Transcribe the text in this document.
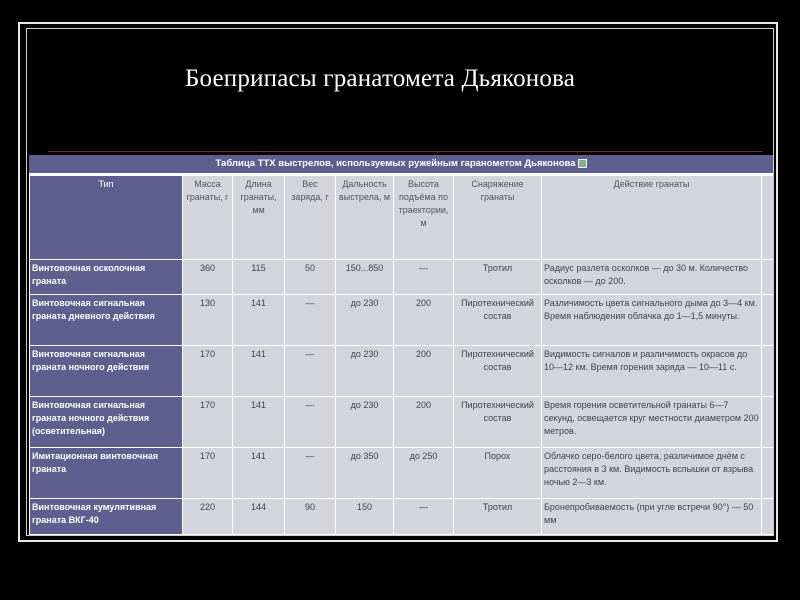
Боеприпасы гранатомета Дьяконова
Таблица ТТХ выстрелов, используемых ружейным гаранометом Дьяконова
Тип	Масса гранаты, г	Длина гранаты, мм	Вес заряда, г	Дальность выстрела, м	Высота подъёма по траектории, м	Снаряжение гранаты	Действие гранаты	
Винтовочная осколочная граната	360	115	50	150...850	—	Тротил	Радиус разлета осколков — до 30 м. Количество осколков — до 200.	
Винтовочная сигнальная граната дневного действия	130	141	—	до 230	200	Пиротехнический состав	Различимость цвета сигнального дыма до 3—4 км. Время наблюдения облачка до 1—1,5 минуты.	
Винтовочная сигнальная граната ночного действия	170	141	—	до 230	200	Пиротехнический состав	Видимость сигналов и различимость окрасов до 10—12 км. Время горения заряда — 10—11 с.	
Винтовочная сигнальная граната ночного действия (осветительная)	170	141	—	до 230	200	Пиротехнический состав	Время горения осветительной гранаты 6—7 секунд, освещается круг местности диаметром 200 метров.	
Имитационная винтовочная граната	170	141	—	до 350	до 250	Порох	Облачко серо-белого цвета, различимое днём с расстояния в 3 км. Видимость вспышки от взрыва ночью 2—3 км.	
Винтовочная кумулятивная граната ВКГ-40	220	144	90	150	—	Тротил	Бронепробиваемость (при угле встречи 90°) — 50 мм	
